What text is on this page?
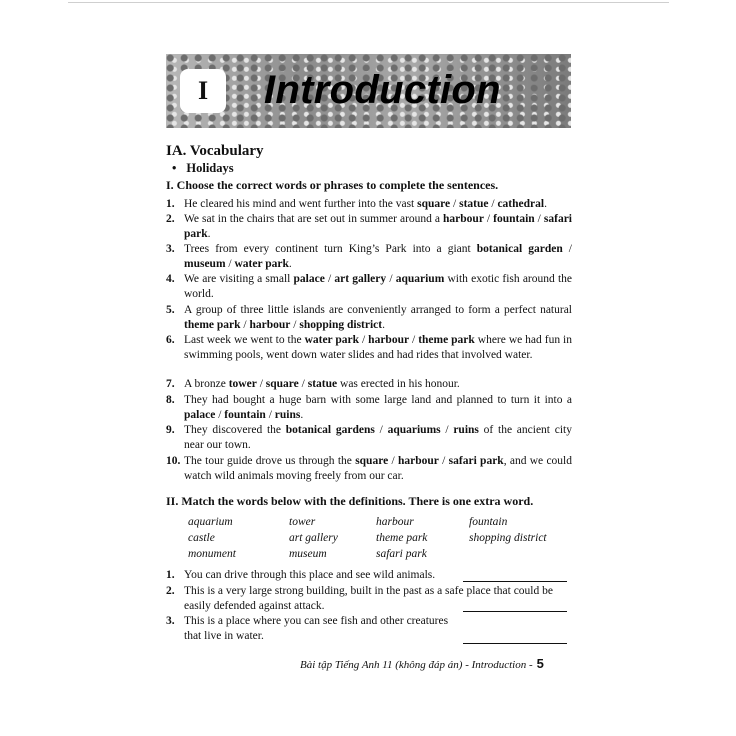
I	Introduction
IA. Vocabulary
• Holidays
I. Choose the correct words or phrases to complete the sentences.
1. He cleared his mind and went further into the vast square / statue / cathedral.
2. We sat in the chairs that are set out in summer around a harbour / fountain / safari park.
3. Trees from every continent turn King’s Park into a giant botanical garden / museum / water park.
4. We are visiting a small palace / art gallery / aquarium with exotic fish around the world.
5. A group of three little islands are conveniently arranged to form a perfect natural theme park / harbour / shopping district.
6. Last week we went to the water park / harbour / theme park where we had fun in swimming pools, went down water slides and had rides that involved water.
7. A bronze tower / square / statue was erected in his honour.
8. They had bought a huge barn with some large land and planned to turn it into a palace / fountain / ruins.
9. They discovered the botanical gardens / aquariums / ruins of the ancient city near our town.
10. The tour guide drove us through the square / harbour / safari park, and we could watch wild animals moving freely from our car.
II. Match the words below with the definitions. There is one extra word.
aquarium	tower	harbour	fountain
castle	art gallery	theme park	shopping district
monument	museum	safari park
1. You can drive through this place and see wild animals.
2. This is a very large strong building, built in the past as a safe place that could be easily defended against attack.
3. This is a place where you can see fish and other creatures that live in water.
Bài tập Tiếng Anh 11 (không đáp án) - Introduction - 5
